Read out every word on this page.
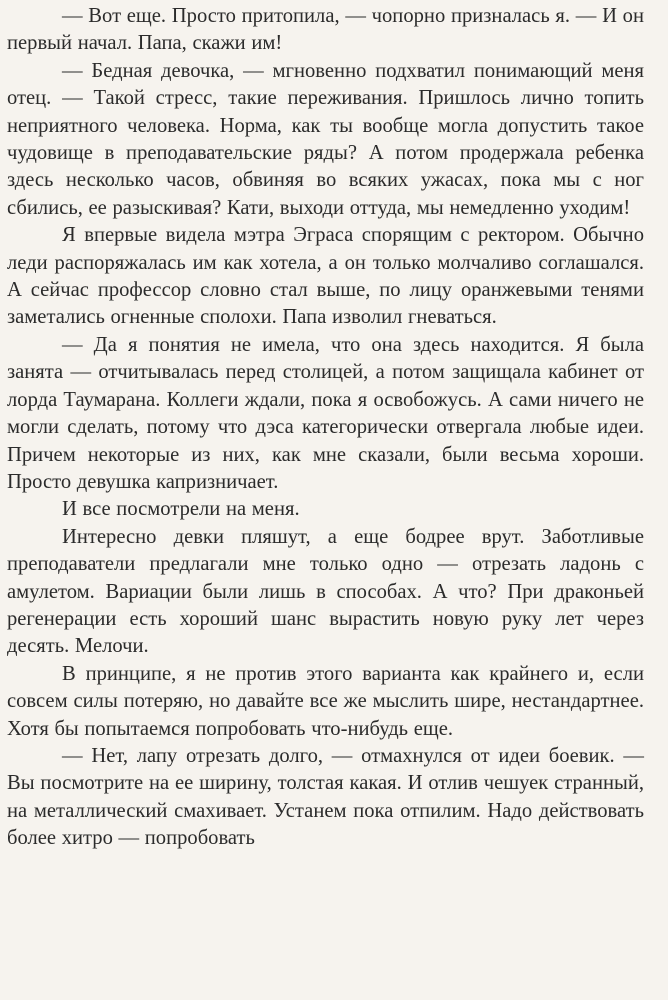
— Вот еще. Просто притопила, — чопорно призналась я. — И он первый начал. Папа, скажи им!

— Бедная девочка, — мгновенно подхватил понимающий меня отец. — Такой стресс, такие переживания. Пришлось лично топить неприятного человека. Норма, как ты вообще могла допустить такое чудовище в преподавательские ряды? А потом продержала ребенка здесь несколько часов, обвиняя во всяких ужасах, пока мы с ног сбились, ее разыскивая? Кати, выходи оттуда, мы немедленно уходим!

Я впервые видела мэтра Эграса спорящим с ректором. Обычно леди распоряжалась им как хотела, а он только молчаливо соглашался. А сейчас профессор словно стал выше, по лицу оранжевыми тенями заметались огненные сполохи. Папа изволил гневаться.

— Да я понятия не имела, что она здесь находится. Я была занята — отчитывалась перед столицей, а потом защищала кабинет от лорда Таумарана. Коллеги ждали, пока я освобожусь. А сами ничего не могли сделать, потому что дэса категорически отвергала любые идеи. Причем некоторые из них, как мне сказали, были весьма хороши. Просто девушка капризничает.

И все посмотрели на меня.

Интересно девки пляшут, а еще бодрее врут. Заботливые преподаватели предлагали мне только одно — отрезать ладонь с амулетом. Вариации были лишь в способах. А что? При драконьей регенерации есть хороший шанс вырастить новую руку лет через десять. Мелочи.

В принципе, я не против этого варианта как крайнего и, если совсем силы потеряю, но давайте все же мыслить шире, нестандартнее. Хотя бы попытаемся попробовать что-нибудь еще.

— Нет, лапу отрезать долго, — отмахнулся от идеи боeвик. — Вы посмотрите на ее ширину, толстая какая. И отлив чешуек странный, на металлический смахивает. Устанем пока отпилим. Надо действовать более хитро — попробовать
